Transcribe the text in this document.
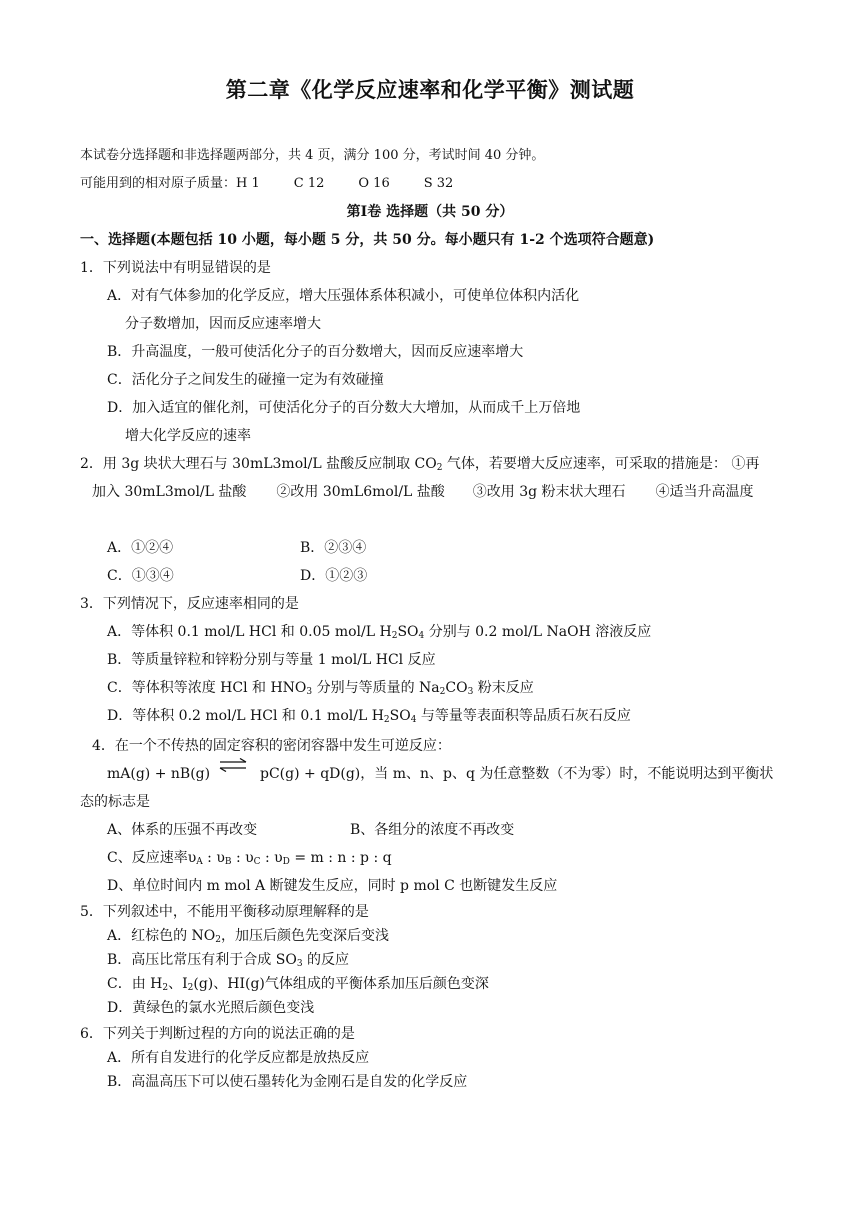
第二章《化学反应速率和化学平衡》测试题
本试卷分选择题和非选择题两部分，共 4 页，满分 100 分，考试时间 40 分钟。
可能用到的相对原子质量：H 1	C 12	O 16	S 32
第Ⅰ卷 选择题（共 50 分）
一、选择题(本题包括 10 小题，每小题 5 分，共 50 分。每小题只有 1-2 个选项符合题意)
1．下列说法中有明显错误的是
A．对有气体参加的化学反应，增大压强体系体积减小，可使单位体积内活化
分子数增加，因而反应速率增大
B．升高温度，一般可使活化分子的百分数增大，因而反应速率增大
C．活化分子之间发生的碰撞一定为有效碰撞
D．加入适宜的催化剂，可使活化分子的百分数大大增加，从而成千上万倍地
增大化学反应的速率
2．用 3g 块状大理石与 30mL3mol/L 盐酸反应制取 $CO_2$ 气体，若要增大反应速率，可采取的措施是： ①再
加入 30mL3mol/L 盐酸 ②改用 30mL6mol/L 盐酸 ③改用 3g 粉末状大理石 ④适当升高温度
A．①②④	B．②③④
C．①③④	D．①②③
3．下列情况下，反应速率相同的是
A．等体积 0.1 mol/L HCl 和 0.05 mol/L $H_2SO_4$ 分别与 0.2 mol/L NaOH 溶液反应
B．等质量锌粒和锌粉分别与等量 1 mol/L HCl 反应
C．等体积等浓度 HCl 和 $HNO_3$ 分别与等质量的 $Na_2CO_3$ 粉末反应
D．等体积 0.2 mol/L HCl 和 0.1 mol/L $H_2SO_4$ 与等量等表面积等品质石灰石反应
4．在一个不传热的固定容积的密闭容器中发生可逆反应：
mA(g) + nB(g)	pC(g) + qD(g)，当 m、n、p、q 为任意整数（不为零）时，不能说明达到平衡状
态的标志是
A、体系的压强不再改变	B、各组分的浓度不再改变
C、反应速率$\upsilon_A$ : $\upsilon_B$ : $\upsilon_C$ : $\upsilon_D = m$ : n : p : q
D、单位时间内 m mol A 断键发生反应，同时 p mol C 也断键发生反应
5．下列叙述中，不能用平衡移动原理解释的是
A．红棕色的 $NO_2$，加压后颜色先变深后变浅
B．高压比常压有利于合成 $SO_3$ 的反应
C．由 $H_2$、$I_2(g)$、HI(g)气体组成的平衡体系加压后颜色变深
D．黄绿色的氯水光照后颜色变浅
6．下列关于判断过程的方向的说法正确的是
A．所有自发进行的化学反应都是放热反应
B．高温高压下可以使石墨转化为金刚石是自发的化学反应
